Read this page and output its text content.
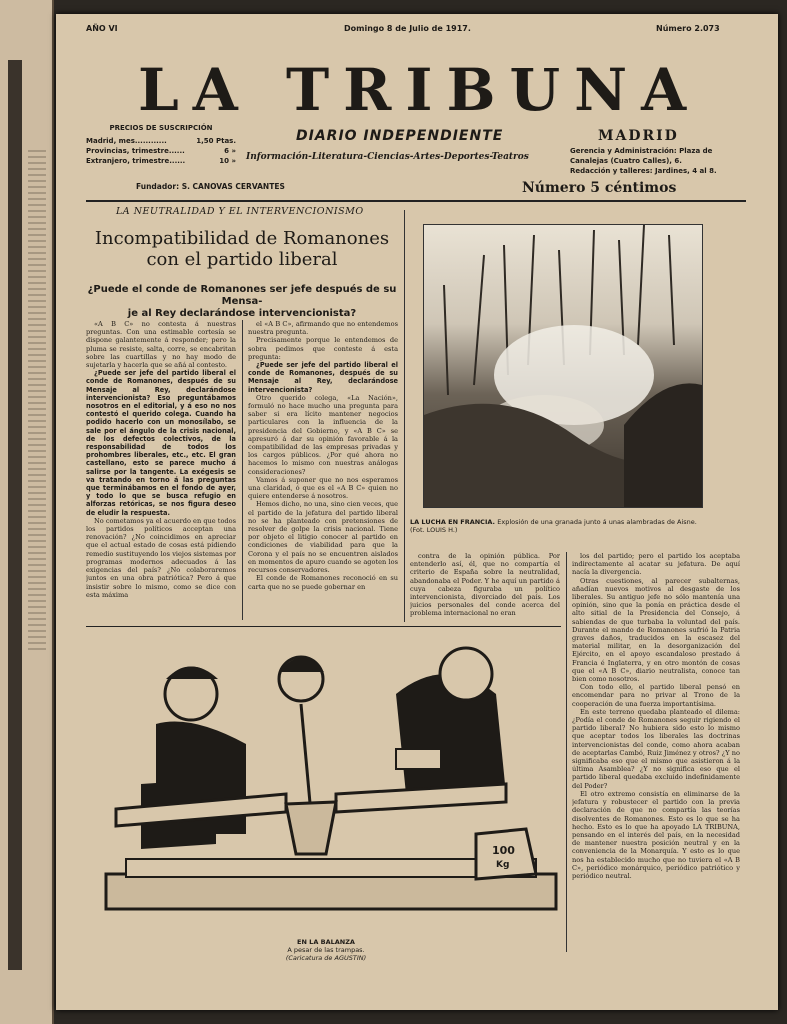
AÑO VI	Domingo 8 de Julio de 1917.	Número 2.073
LA TRIBUNA
DIARIO INDEPENDIENTE
Información-Literatura-Ciencias-Artes-Deportes-Teatros
PRECIOS DE SUSCRIPCIÓN
Madrid, mes............	1,50 Ptas.
Provincias, trimestre......	6 »
Extranjero, trimestre......	10 »
Fundador: S. CANOVAS CERVANTES
MADRID
Gerencia y Administración: Plaza de
Canalejas (Cuatro Calles), 6.
Redacción y talleres: Jardines, 4 al 8.
Número 5 céntimos
LA NEUTRALIDAD Y EL INTERVENCIONISMO
Incompatibilidad de Romanones
con el partido liberal
¿Puede el conde de Romanones ser jefe después de su Mensa-
je al Rey declarándose intervencionista?

«A B C» no contesta á nuestras preguntas. Con una estimable cortesía se dispone galantemente á responder; pero la pluma se resiste, salta, corre, se encabritan sobre las cuartillas y no hay modo de sujetarla y hacerla que se añá al contesto.

¿Puede ser jefe del partido liberal el conde de Romanones, después de su Mensaje al Rey, declarándose intervencionista? Eso preguntábamos nosotros en el editorial, y á eso no nos contestó el querido colega. Cuando ha podido hacerlo con un monosílabo, se sale por el ángulo de la crisis nacional, de los defectos colectivos, de la responsabilidad de todos los prohombres liberales, etc., etc. El gran castellano, esto se parece mucho á salirse por la tangente. La exégesis se va tratando en torno á las preguntas que terminábamos en el fondo de ayer, y todo lo que se busca refugio en alforzas retóricas, se nos figura deseo de eludir la respuesta.

No cometamos ya el acuerdo en que todos los partidos políticos acceptan una renovación? ¿No coincidimos en apreciar que el actual estado de cosas está pidiendo remedio sustituyendo los viejos sistemas por programas modernos adecuados á las exigencias del país? ¿No colaboraremos juntos en una obra patriótica? Pero á que insistir sobre lo mismo, como se dice con esta máxima

el «A B C», afirmando que no entendemos nuestra pregunta.

Precisamente porque le entendemos de sobra pedimos que conteste á esta pregunta:

¿Puede ser jefe del partido liberal el conde de Romanones, después de su Mensaje al Rey, declarándose intervencionista?

Otro querido colega, «La Nación», formuló no hace mucho una pregunta para saber si era lícito mantener negocios particulares con la influencia de la presidencia del Gobierno, y «A B C» se apresuró á dar su opinión favorable á la compatibilidad de las empresas privadas y los cargos públicos. ¿Por qué ahora no hacemos lo mismo con nuestras análogas consideraciones?

Vamos á suponer que no nos esperamos una claridad, ó que es el «A B C» quien no quiere entenderse á nosotros.

Hemos dicho, no una, sino cien veces, que el partido de la jefatura del partido liberal no se ha planteado con pretensiones de resolver de golpe la crisis nacional. Tiene por objeto el litigio conocer al partido en condiciones de viabilidad para que la Corona y el país no se encuentren aislados en momentos de apuro cuando se agoten los recursos conservadores.

El conde de Romanones reconoció en su carta que no se puede gobernar en

contra de la opinión pública. Por entenderlo así, él, que no compartía el criterio de España sobre la neutralidad, abandonaba el Poder. Y he aquí un partido á cuya cabeza figuraba un político intervencionista, divorciado del país. Los juicios personales del conde acerca del problema internacional no eran

los del partido; pero el partido los aceptaba indirectamente al acatar su jefatura. De aquí nacía la divergencia.

Otras cuestiones, al parecer subalternas, añadían nuevos motivos al desgaste de los liberales. Su antiguo jefe no sólo mantenía una opinión, sino que la ponía en práctica desde el alto sitial de la Presidencia del Consejo, á sabiendas de que turbaba la voluntad del país. Durante el mando de Romanones sufrió la Patria graves daños, traducidos en la escasez del material militar, en la desorganización del Ejército, en el apoyo escandaloso prestado á Francia é Inglaterra, y en otro montón de cosas que el «A B C», diario neutralista, conoce tan bien como nosotros.

Con todo ello, el partido liberal pensó en encomendar para no privar al Trono de la cooperación de una fuerza importantísima.

En este terreno quedaba planteado el dilema: ¿Podía el conde de Romanones seguir rigiendo el partido liberal? No hubiera sido esto lo mismo que aceptar todos los liberales las doctrinas intervencionistas del conde, como ahora acaban de aceptarlas Cambó, Ruiz Jiménez y otros? ¿Y no significaba eso que el mismo que asistieron á la última Asamblea? ¿Y no significa eso que el partido liberal quedaba excluido indefinidamente del Poder?

El otro extremo consistía en eliminarse de la jefatura y robustecer el partido con la previa declaración de que no compartía las teorías disolventes de Romanones. Esto es lo que se ha hecho. Esto es lo que ha apoyado LA TRIBUNA, pensando en el interés del país, en la necesidad de mantener nuestra posición neutral y en la conveniencia de la Monarquía. Y esto es lo que nos ha establecido mucho que no tuviera el «A B C», periódico monárquico, periódico patriótico y periódico neutral.

LA LUCHA EN FRANCIA. Explosión de una granada junto á unas alambradas de Aisne. (Fot. LOUIS H.)
100
Kg
EN LA BALANZA
A pesar de las trampas.
(Caricatura de AGUSTIN)
